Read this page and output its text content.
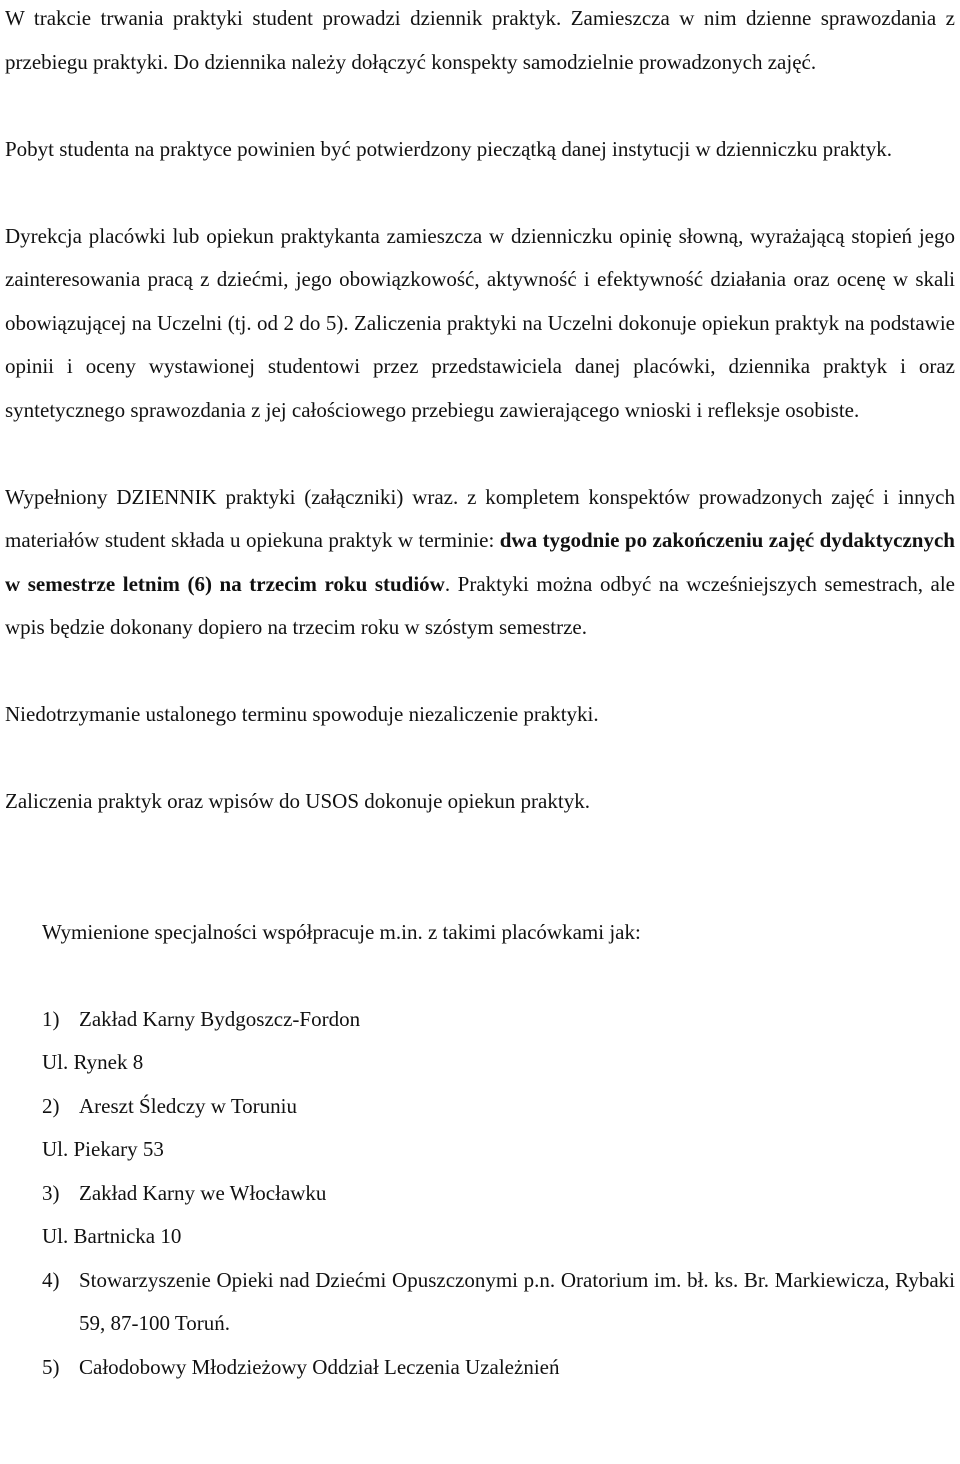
W trakcie trwania praktyki student prowadzi dziennik praktyk. Zamieszcza w nim dzienne sprawozdania z przebiegu praktyki. Do dziennika należy dołączyć konspekty samodzielnie prowadzonych zajęć.

Pobyt studenta na praktyce powinien być potwierdzony pieczątką danej instytucji w dzienniczku praktyk.

Dyrekcja placówki lub opiekun praktykanta zamieszcza w dzienniczku opinię słowną, wyrażającą stopień jego zainteresowania pracą z dziećmi, jego obowiązkowość, aktywność i efektywność działania oraz ocenę w skali obowiązującej na Uczelni (tj. od 2 do 5). Zaliczenia praktyki na Uczelni dokonuje opiekun praktyk na podstawie opinii i oceny wystawionej studentowi przez przedstawiciela danej placówki, dziennika praktyk i oraz syntetycznego sprawozdania z jej całościowego przebiegu zawierającego wnioski i refleksje osobiste.

Wypełniony DZIENNIK praktyki (załączniki) wraz. z kompletem konspektów prowadzonych zajęć i innych materiałów student składa u opiekuna praktyk w terminie: dwa tygodnie po zakończeniu zajęć dydaktycznych w semestrze letnim (6) na trzecim roku studiów. Praktyki można odbyć na wcześniejszych semestrach, ale wpis będzie dokonany dopiero na trzecim roku w szóstym semestrze.

Niedotrzymanie ustalonego terminu spowoduje niezaliczenie praktyki.

Zaliczenia praktyk oraz wpisów do USOS dokonuje opiekun praktyk.

Wymienione specjalności współpracuje m.in. z takimi placówkami jak:

1) Zakład Karny Bydgoszcz-Fordon
Ul. Rynek 8
2) Areszt Śledczy w Toruniu
Ul. Piekary 53
3) Zakład Karny we Włocławku
Ul. Bartnicka 10
4) Stowarzyszenie Opieki nad Dziećmi Opuszczonymi p.n. Oratorium im. bł. ks. Br. Markiewicza, Rybaki 59, 87-100 Toruń.
5) Całodobowy Młodzieżowy Oddział Leczenia Uzależnień
